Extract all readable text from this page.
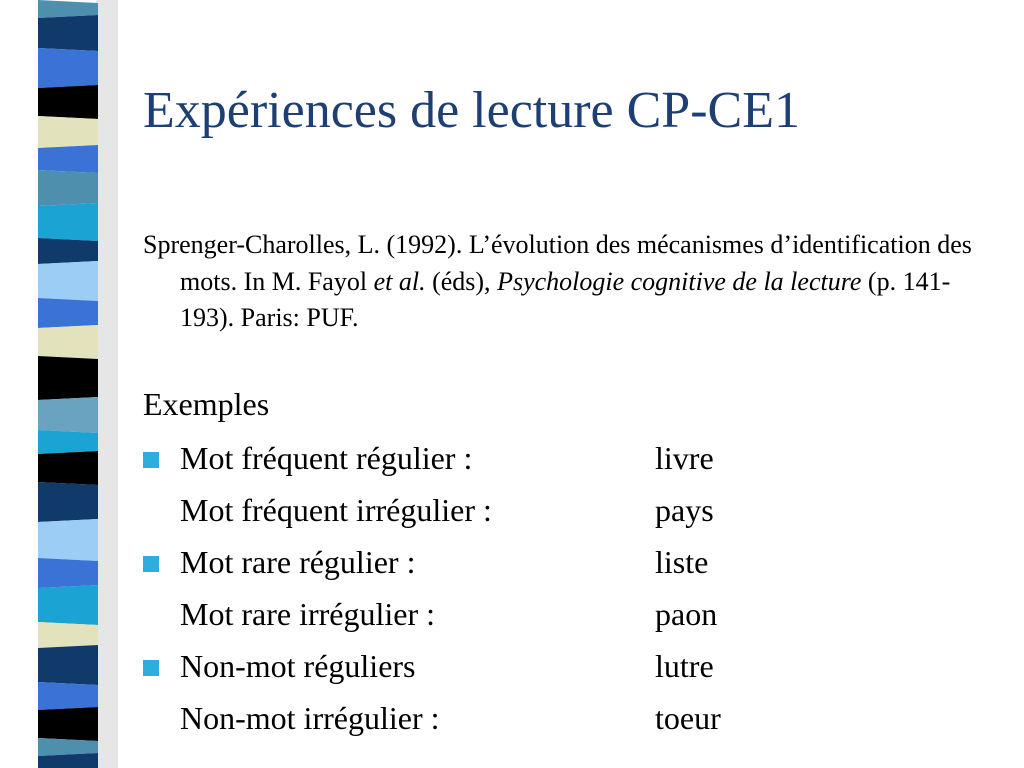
Expériences de lecture CP-CE1
Sprenger-Charolles, L. (1992). L’évolution des mécanismes d’identification des mots. In M. Fayol et al. (éds), Psychologie cognitive de la lecture (p. 141-193). Paris: PUF.
Exemples
Mot fréquent régulier :	livre
Mot fréquent irrégulier :	pays
Mot rare régulier :	liste
Mot rare irrégulier :	paon
Non-mot réguliers	lutre
Non-mot irrégulier :	toeur
